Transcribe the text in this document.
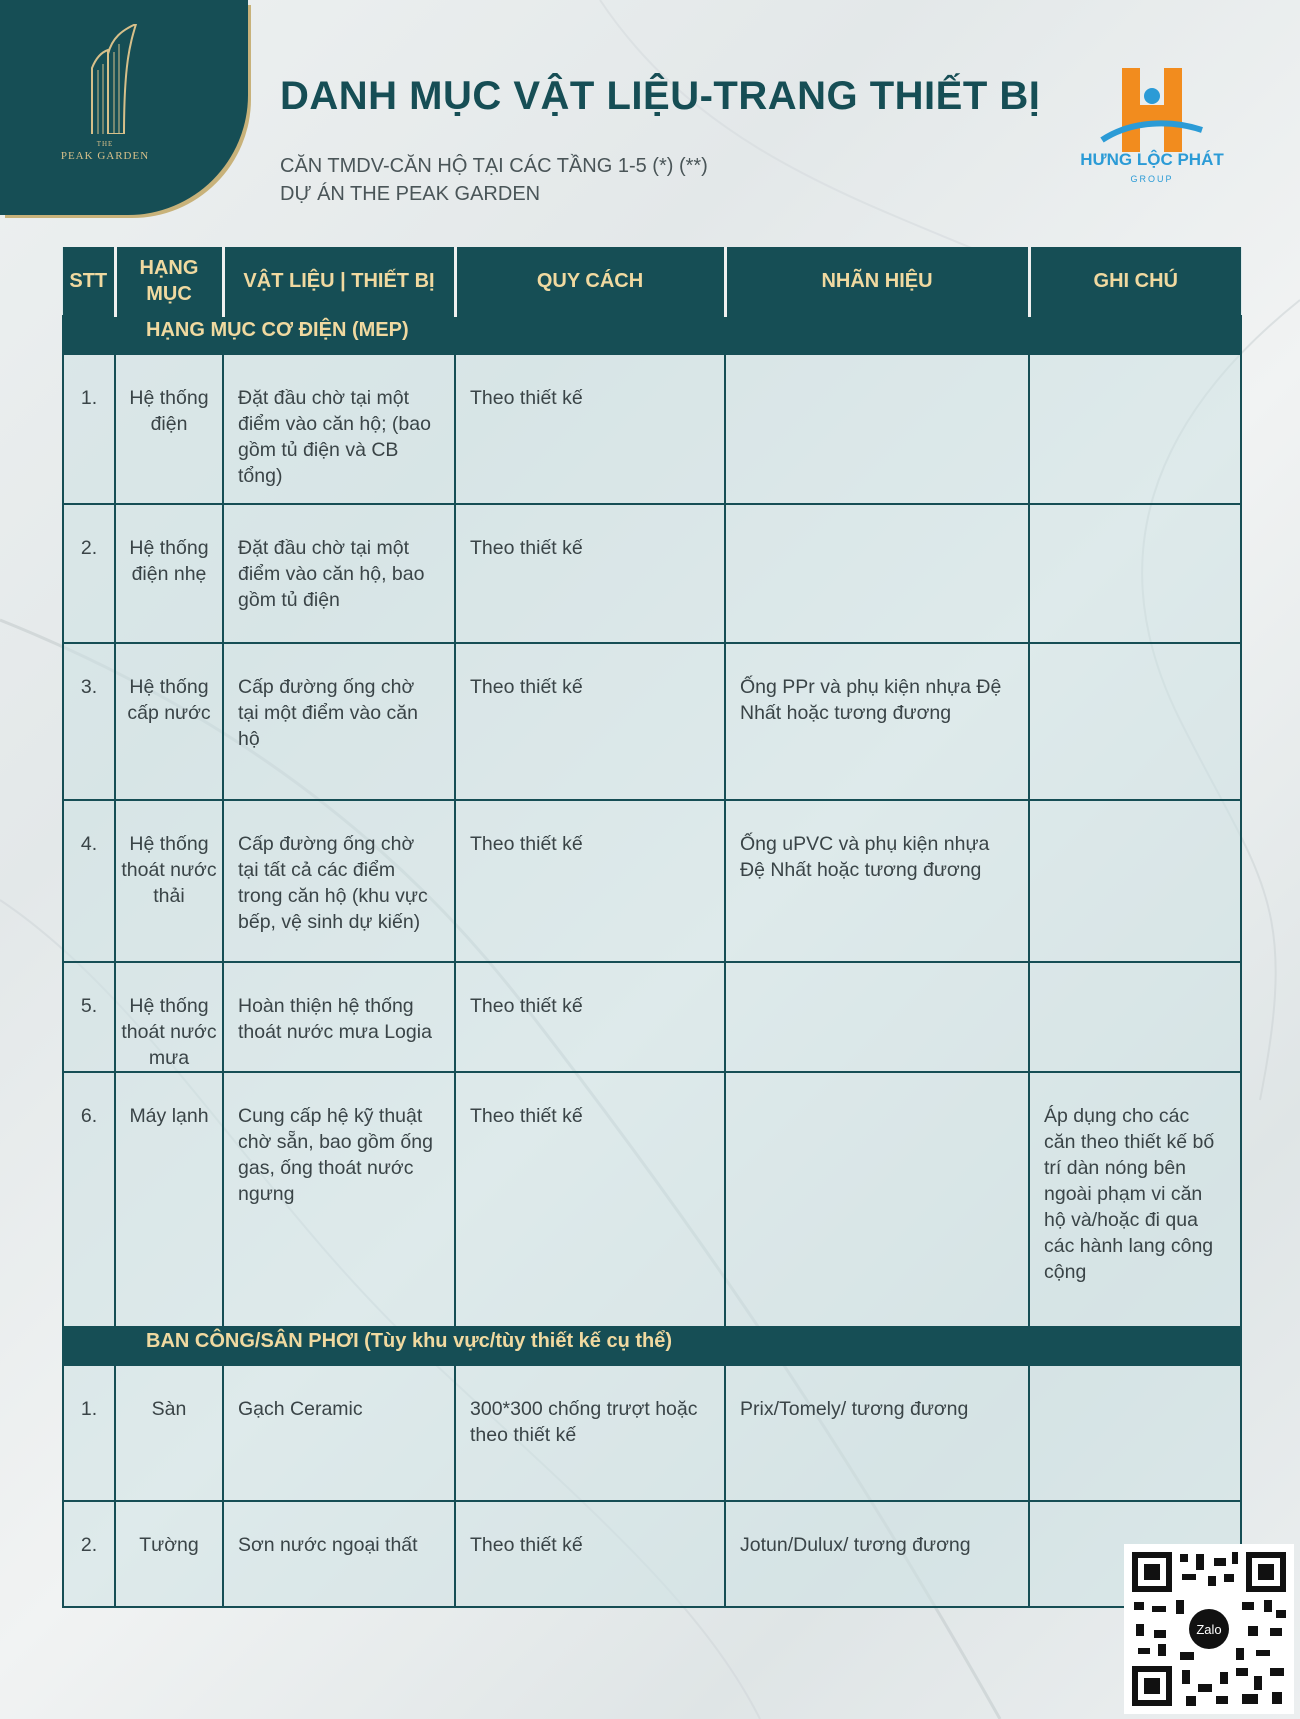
THE
PEAK GARDEN
DANH MỤC VẬT LIỆU-TRANG THIẾT BỊ
CĂN TMDV-CĂN HỘ TẠI CÁC TẦNG 1-5 (*) (**)
DỰ ÁN THE PEAK GARDEN
HƯNG LỘC PHÁT
GROUP
STT	HẠNG MỤC	VẬT LIỆU | THIẾT BỊ	QUY CÁCH	NHÃN HIỆU	GHI CHÚ
HẠNG MỤC CƠ ĐIỆN (MEP)					
1.	Hệ thống điện	Đặt đầu chờ tại một điểm vào căn hộ; (bao gồm tủ điện và CB tổng)	Theo thiết kế		
2.	Hệ thống điện nhẹ	Đặt đầu chờ tại một điểm vào căn hộ, bao gồm tủ điện	Theo thiết kế		
3.	Hệ thống cấp nước	Cấp đường ống chờ tại một điểm vào căn hộ	Theo thiết kế	Ống PPr và phụ kiện nhựa Đệ Nhất hoặc tương đương	
4.	Hệ thống thoát nước thải	Cấp đường ống chờ tại tất cả các điểm trong căn hộ (khu vực bếp, vệ sinh dự kiến)	Theo thiết kế	Ống uPVC và phụ kiện nhựa Đệ Nhất hoặc tương đương	
5.	Hệ thống thoát nước mưa	Hoàn thiện hệ thống thoát nước mưa Logia	Theo thiết kế		
6.	Máy lạnh	Cung cấp hệ kỹ thuật chờ sẵn, bao gồm ống gas, ống thoát nước ngưng	Theo thiết kế		Áp dụng cho các căn theo thiết kế bố trí dàn nóng bên ngoài phạm vi căn hộ và/hoặc đi qua các hành lang công cộng
BAN CÔNG/SÂN PHƠI (Tùy khu vực/tùy thiết kế cụ thể)					
1.	Sàn	Gạch Ceramic	300*300 chống trượt hoặc theo thiết kế	Prix/Tomely/ tương đương	
2.	Tường	Sơn nước ngoại thất	Theo thiết kế	Jotun/Dulux/ tương đương	
Zalo
